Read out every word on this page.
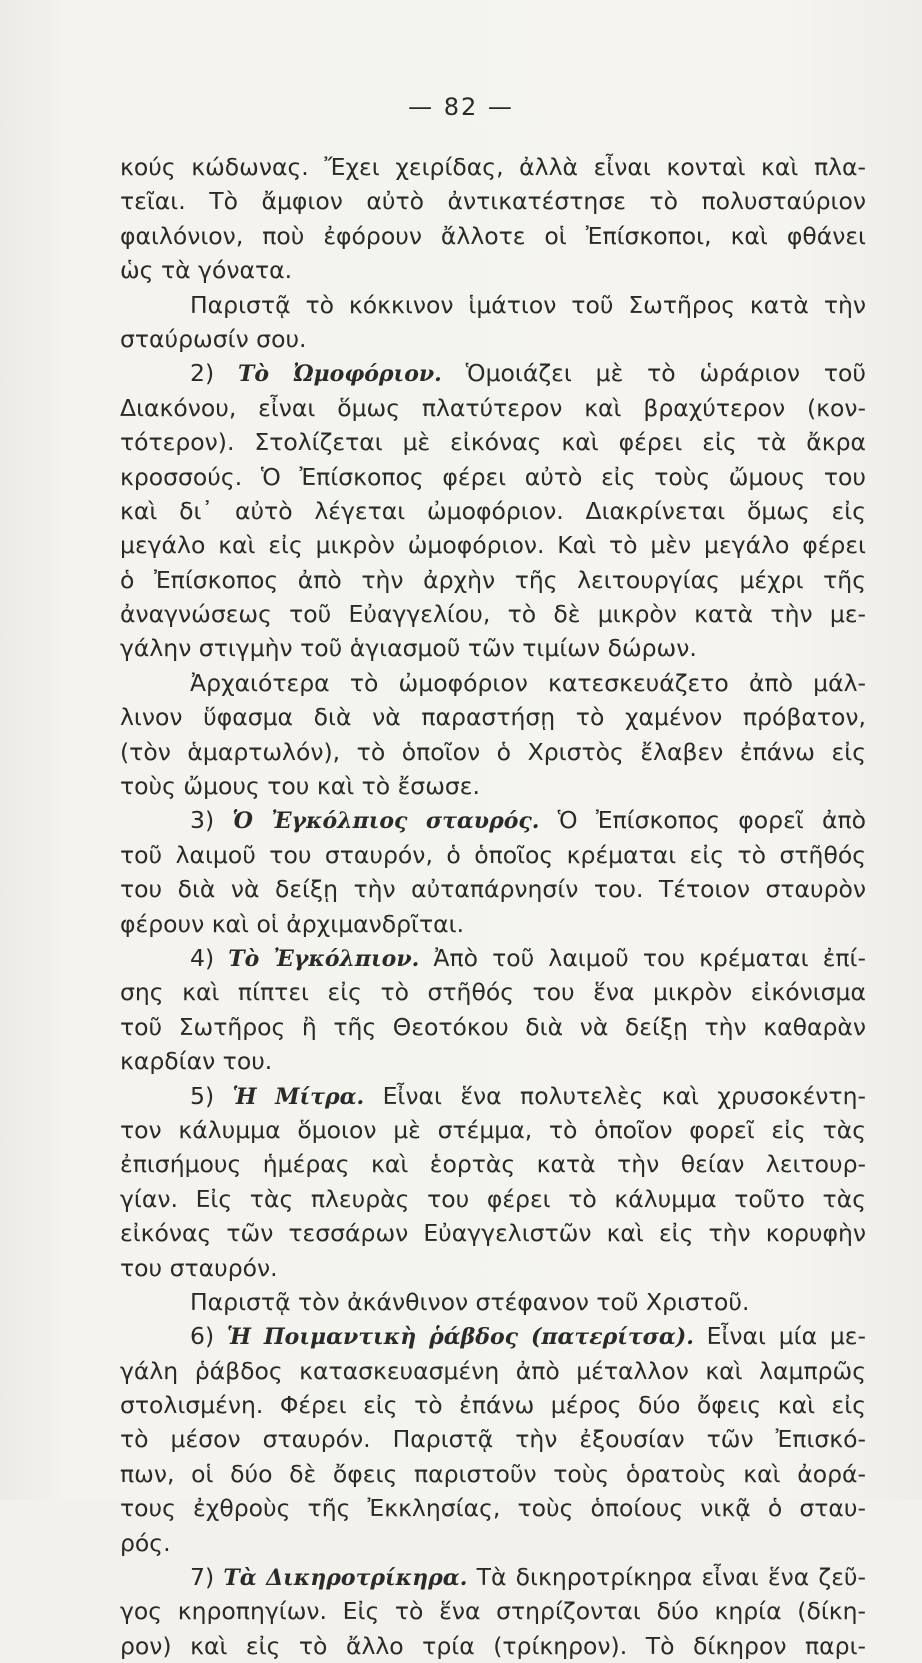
— 82 —
κούς κώδωνας. Ἔχει χειρίδας, ἀλλὰ εἶναι κονταὶ καὶ πλα-
τεῖαι. Τὸ ἄμφιον αὐτὸ ἀντικατέστησε τὸ πολυσταύριον
φαιλόνιον, ποὺ ἐφόρουν ἄλλοτε οἱ Ἐπίσκοποι, καὶ φθάνει
ὡς τὰ γόνατα.
Παριστᾷ τὸ κόκκινον ἱμάτιον τοῦ Σωτῆρος κατὰ τὴν
σταύρωσίν σου.
2) Τὸ Ὠμοφόριον. Ὁμοιάζει μὲ τὸ ὡράριον τοῦ
Διακόνου, εἶναι ὅμως πλατύτερον καὶ βραχύτερον (κον-
τότερον). Στολίζεται μὲ εἰκόνας καὶ φέρει εἰς τὰ ἄκρα
κροσσούς. Ὁ Ἐπίσκοπος φέρει αὐτὸ εἰς τοὺς ὤμους του
καὶ δι᾽ αὐτὸ λέγεται ὠμοφόριον. Διακρίνεται ὅμως εἰς
μεγάλο καὶ εἰς μικρὸν ὠμοφόριον. Καὶ τὸ μὲν μεγάλο φέρει
ὁ Ἐπίσκοπος ἀπὸ τὴν ἀρχὴν τῆς λειτουργίας μέχρι τῆς
ἀναγνώσεως τοῦ Εὐαγγελίου, τὸ δὲ μικρὸν κατὰ τὴν με-
γάλην στιγμὴν τοῦ ἁγιασμοῦ τῶν τιμίων δώρων.
Ἀρχαιότερα τὸ ὠμοφόριον κατεσκευάζετο ἀπὸ μάλ-
λινον ὕφασμα διὰ νὰ παραστήσῃ τὸ χαμένον πρόβατον,
(τὸν ἁμαρτωλόν), τὸ ὁποῖον ὁ Χριστὸς ἔλαβεν ἐπάνω εἰς
τοὺς ὤμους του καὶ τὸ ἔσωσε.
3) Ὁ Ἐγκόλπιος σταυρός. Ὁ Ἐπίσκοπος φορεῖ ἀπὸ
τοῦ λαιμοῦ του σταυρόν, ὁ ὁποῖος κρέμαται εἰς τὸ στῆθός
του διὰ νὰ δείξῃ τὴν αὐταπάρνησίν του. Τέτοιον σταυρὸν
φέρουν καὶ οἱ ἀρχιμανδρῖται.
4) Τὸ Ἐγκόλπιον. Ἀπὸ τοῦ λαιμοῦ του κρέμαται ἐπί-
σης καὶ πίπτει εἰς τὸ στῆθός του ἕνα μικρὸν εἰκόνισμα
τοῦ Σωτῆρος ἢ τῆς Θεοτόκου διὰ νὰ δείξῃ τὴν καθαρὰν
καρδίαν του.
5) Ἡ Μίτρα. Εἶναι ἕνα πολυτελὲς καὶ χρυσοκέντη-
τον κάλυμμα ὅμοιον μὲ στέμμα, τὸ ὁποῖον φορεῖ εἰς τὰς
ἐπισήμους ἡμέρας καὶ ἑορτὰς κατὰ τὴν θείαν λειτουρ-
γίαν. Εἰς τὰς πλευρὰς του φέρει τὸ κάλυμμα τοῦτο τὰς
εἰκόνας τῶν τεσσάρων Εὐαγγελιστῶν καὶ εἰς τὴν κορυφὴν
του σταυρόν.
Παριστᾷ τὸν ἀκάνθινον στέφανον τοῦ Χριστοῦ.
6) Ἡ Ποιμαντικὴ ῥάβδος (πατερίτσα). Εἶναι μία με-
γάλη ῥάβδος κατασκευασμένη ἀπὸ μέταλλον καὶ λαμπρῶς
στολισμένη. Φέρει εἰς τὸ ἐπάνω μέρος δύο ὄφεις καὶ εἰς
τὸ μέσον σταυρόν. Παριστᾷ τὴν ἐξουσίαν τῶν Ἐπισκό-
πων, οἱ δύο δὲ ὄφεις παριστοῦν τοὺς ὁρατοὺς καὶ ἀορά-
τους ἐχθροὺς τῆς Ἐκκλησίας, τοὺς ὁποίους νικᾷ ὁ σταυ-
ρός.
7) Τὰ Δικηροτρίκηρα. Τὰ δικηροτρίκηρα εἶναι ἕνα ζεῦ-
γος κηροπηγίων. Εἰς τὸ ἕνα στηρίζονται δύο κηρία (δίκη-
ρον) καὶ εἰς τὸ ἄλλο τρία (τρίκηρον). Τὸ δίκηρον παρι-
